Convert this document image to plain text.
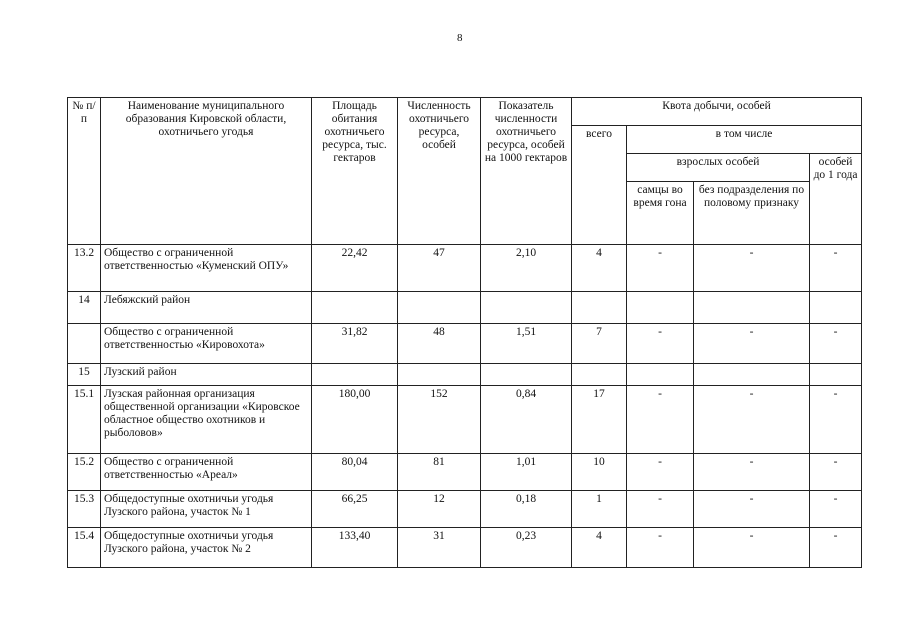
8
№ п/п	Наименование муниципального образования Кировской области, охотничьего угодья	Площадь обитания охотничьего ресурса, тыс. гектаров	Численность охотничьего ресурса, особей	Показатель численности охотничьего ресурса, особей на 1000 гектаров	Квота добычи, особей			
					всего	в том числе		
						взрослых особей		особей до 1 года
						самцы во время гона	без подразделения по половому признаку	
13.2	Общество с ограниченной ответственностью «Куменский ОПУ»	22,42	47	2,10	4	-	-	-
14	Лебяжский район							
	Общество с ограниченной ответственностью «Кировохота»	31,82	48	1,51	7	-	-	-
15	Лузский район							
15.1	Лузская районная организация общественной организации «Кировское областное общество охотников и рыболовов»	180,00	152	0,84	17	-	-	-
15.2	Общество с ограниченной ответственностью «Ареал»	80,04	81	1,01	10	-	-	-
15.3	Общедоступные охотничьи угодья Лузского района, участок № 1	66,25	12	0,18	1	-	-	-
15.4	Общедоступные охотничьи угодья Лузского района, участок № 2	133,40	31	0,23	4	-	-	-
